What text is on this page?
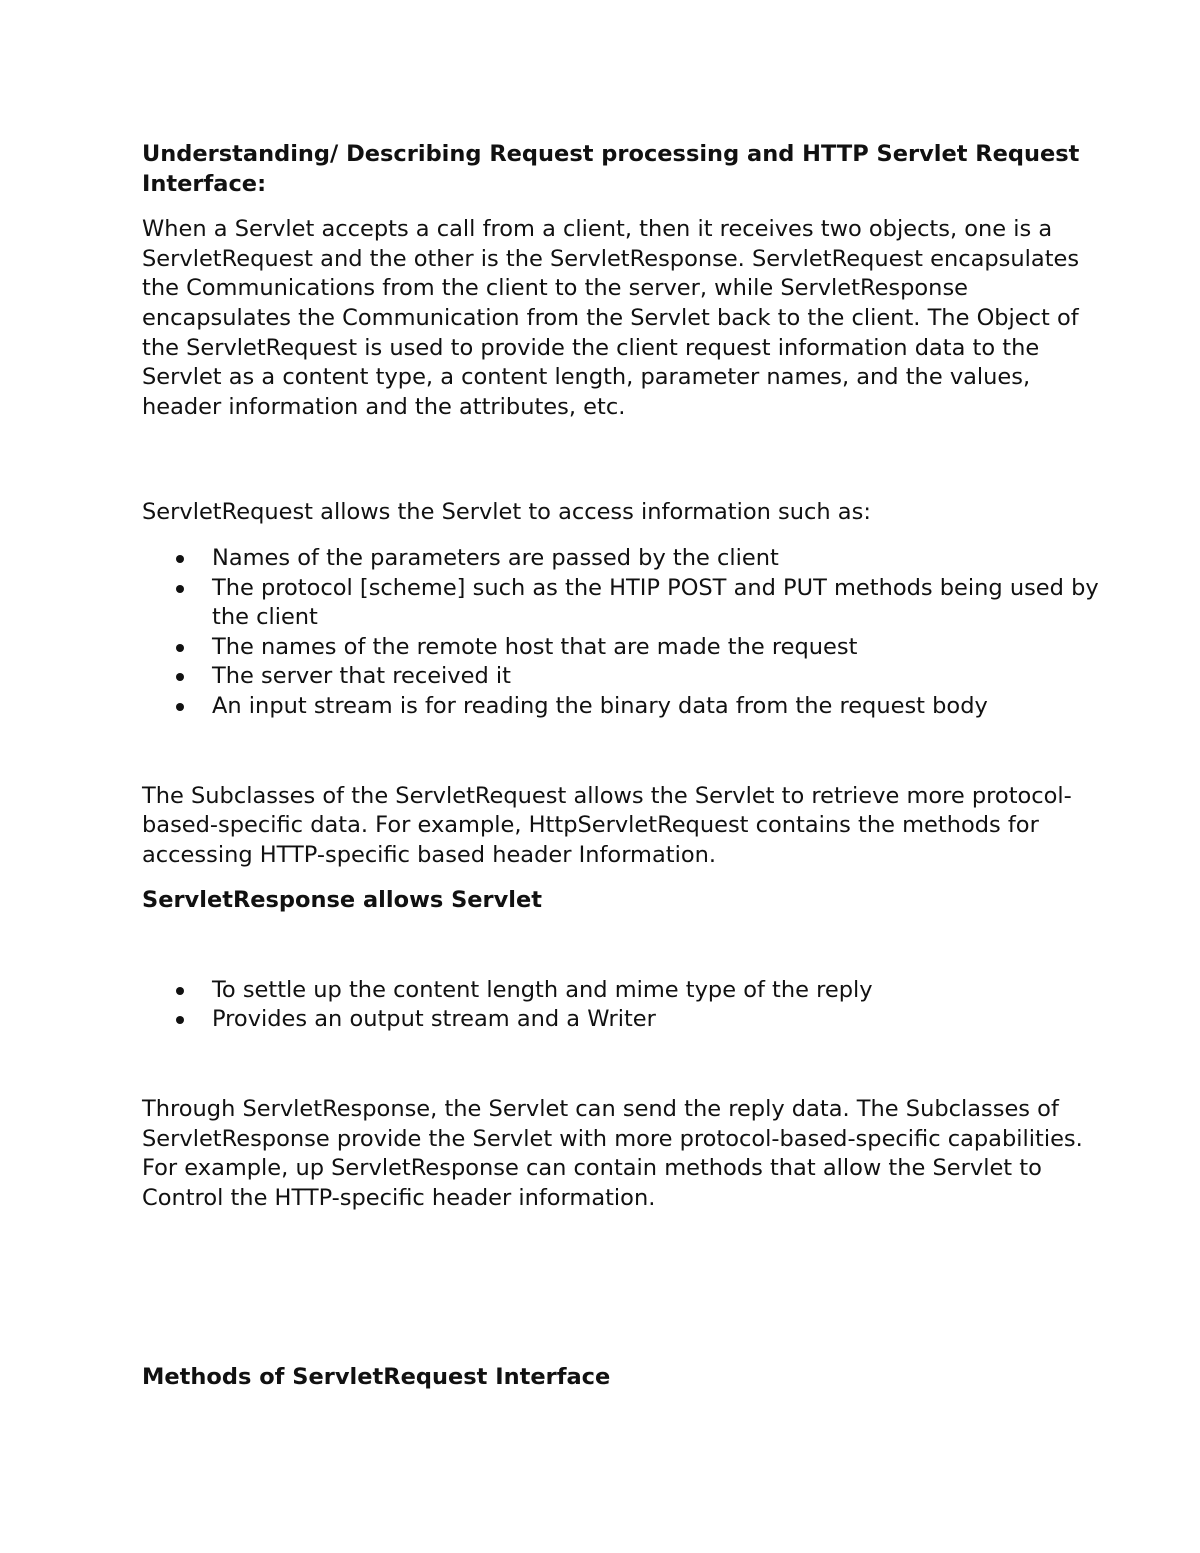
Understanding/ Describing Request processing and HTTP Servlet Request Interface:

When a Servlet accepts a call from a client, then it receives two objects, one is a ServletRequest and the other is the ServletResponse. ServletRequest encapsulates the Communications from the client to the server, while ServletResponse encapsulates the Communication from the Servlet back to the client. The Object of the ServletRequest is used to provide the client request information data to the Servlet as a content type, a content length, parameter names, and the values, header information and the attributes, etc.

ServletRequest allows the Servlet to access information such as:

Names of the parameters are passed by the client
The protocol [scheme] such as the HTIP POST and PUT methods being used by the client
The names of the remote host that are made the request
The server that received it
An input stream is for reading the binary data from the request body

The Subclasses of the ServletRequest allows the Servlet to retrieve more protocol-based-specific data. For example, HttpServletRequest contains the methods for accessing HTTP-specific based header Information.

ServletResponse allows Servlet

To settle up the content length and mime type of the reply
Provides an output stream and a Writer

Through ServletResponse, the Servlet can send the reply data. The Subclasses of ServletResponse provide the Servlet with more protocol-based-specific capabilities. For example, up ServletResponse can contain methods that allow the Servlet to Control the HTTP-specific header information.

Methods of ServletRequest Interface
